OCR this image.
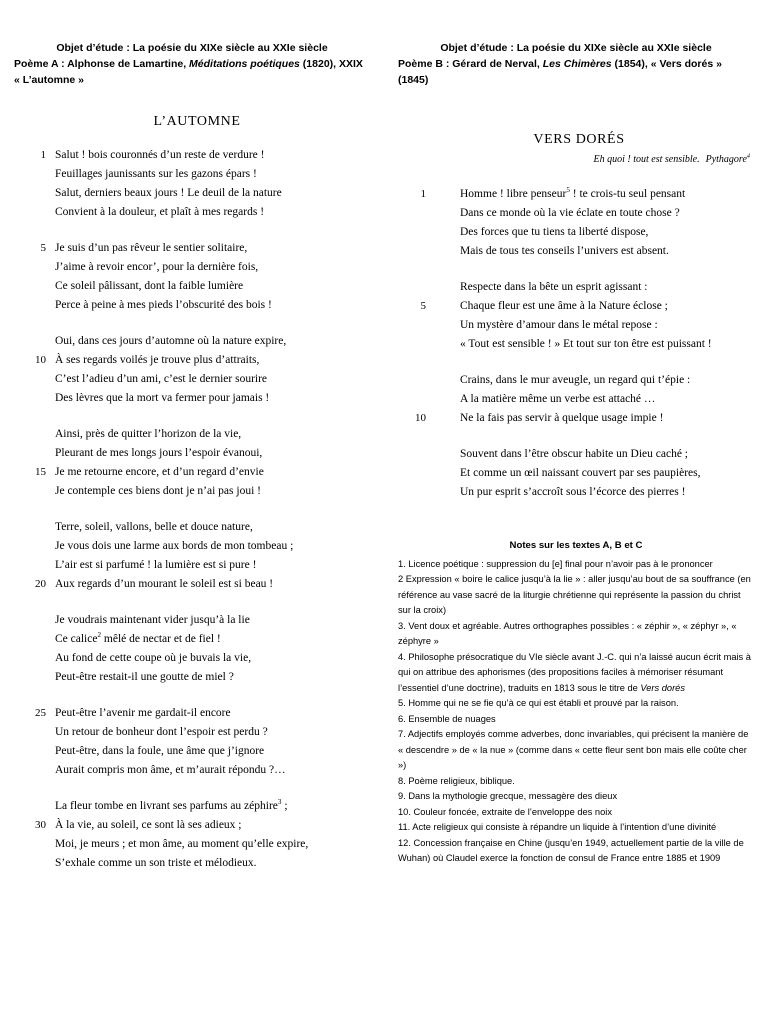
Objet d’étude : La poésie du XIXe siècle au XXIe siècle
Poème A : Alphonse de Lamartine, Méditations poétiques (1820), XXIX
« L’automne »
L’AUTOMNE
1 Salut ! bois couronnés d’un reste de verdure !
Feuillages jaunissants sur les gazons épars !
Salut, derniers beaux jours ! Le deuil de la nature
Convient à la douleur, et plaît à mes regards !
5 Je suis d’un pas rêveur le sentier solitaire,
J’aime à revoir encor’, pour la dernière fois,
Ce soleil pâlissant, dont la faible lumière
Perce à peine à mes pieds l’obscurité des bois !
Oui, dans ces jours d’automne où la nature expire,
10 À ses regards voilés je trouve plus d’attraits,
C’est l’adieu d’un ami, c’est le dernier sourire
Des lèvres que la mort va fermer pour jamais !
Ainsi, près de quitter l’horizon de la vie,
Pleurant de mes longs jours l’espoir évanoui,
15 Je me retourne encore, et d’un regard d’envie
Je contemple ces biens dont je n’ai pas joui !
Terre, soleil, vallons, belle et douce nature,
Je vous dois une larme aux bords de mon tombeau ;
L’air est si parfumé ! la lumière est si pure !
20 Aux regards d’un mourant le soleil est si beau !
Je voudrais maintenant vider jusqu’à la lie
Ce calice$^2$ mêlé de nectar et de fiel !
Au fond de cette coupe où je buvais la vie,
Peut-être restait-il une goutte de miel ?
25 Peut-être l’avenir me gardait-il encore
Un retour de bonheur dont l’espoir est perdu ?
Peut-être, dans la foule, une âme que j’ignore
Aurait compris mon âme, et m’aurait répondu ?…
La fleur tombe en livrant ses parfums au zéphire$^3$ ;
30 À la vie, au soleil, ce sont là ses adieux ;
Moi, je meurs ; et mon âme, au moment qu’elle expire,
S’exhale comme un son triste et mélodieux.
Objet d’étude : La poésie du XIXe siècle au XXIe siècle
Poème B : Gérard de Nerval, Les Chimères (1854), « Vers dorés » (1845)
VERS DORÉS
Eh quoi ! tout est sensible. Pythagore$^4$
1	Homme ! libre penseur$^5$ ! te crois-tu seul pensant
Dans ce monde où la vie éclate en toute chose ?
Des forces que tu tiens ta liberté dispose,
Mais de tous tes conseils l’univers est absent.
Respecte dans la bête un esprit agissant :
5	Chaque fleur est une âme à la Nature éclose ;
Un mystère d’amour dans le métal repose :
« Tout est sensible ! » Et tout sur ton être est puissant !
Crains, dans le mur aveugle, un regard qui t’épie :
A la matière même un verbe est attaché …
10	Ne la fais pas servir à quelque usage impie !
Souvent dans l’être obscur habite un Dieu caché ;
Et comme un œil naissant couvert par ses paupières,
Un pur esprit s’accroît sous l’écorce des pierres !
Notes sur les textes A, B et C
1. Licence poétique : suppression du [e] final pour n’avoir pas à le prononcer
2 Expression « boire le calice jusqu’à la lie » : aller jusqu’au bout de sa souffrance (en référence au vase sacré de la liturgie chrétienne qui représente la passion du christ sur la croix)
3. Vent doux et agréable. Autres orthographes possibles : « zéphir », « zéphyr », « zéphyre »
4. Philosophe présocratique du VIe siècle avant J.-C. qui n’a laissé aucun écrit mais à qui on attribue des aphorismes (des propositions faciles à mémoriser résumant l’essentiel d’une doctrine), traduits en 1813 sous le titre de Vers dorés
5. Homme qui ne se fie qu’à ce qui est établi et prouvé par la raison.
6. Ensemble de nuages
7. Adjectifs employés comme adverbes, donc invariables, qui précisent la manière de « descendre » de « la nue » (comme dans « cette fleur sent bon mais elle coûte cher »)
8. Poème religieux, biblique.
9. Dans la mythologie grecque, messagère des dieux
10. Couleur foncée, extraite de l’enveloppe des noix
11. Acte religieux qui consiste à répandre un liquide à l’intention d’une divinité
12. Concession française en Chine (jusqu’en 1949, actuellement partie de la ville de Wuhan) où Claudel exerce la fonction de consul de France entre 1885 et 1909
